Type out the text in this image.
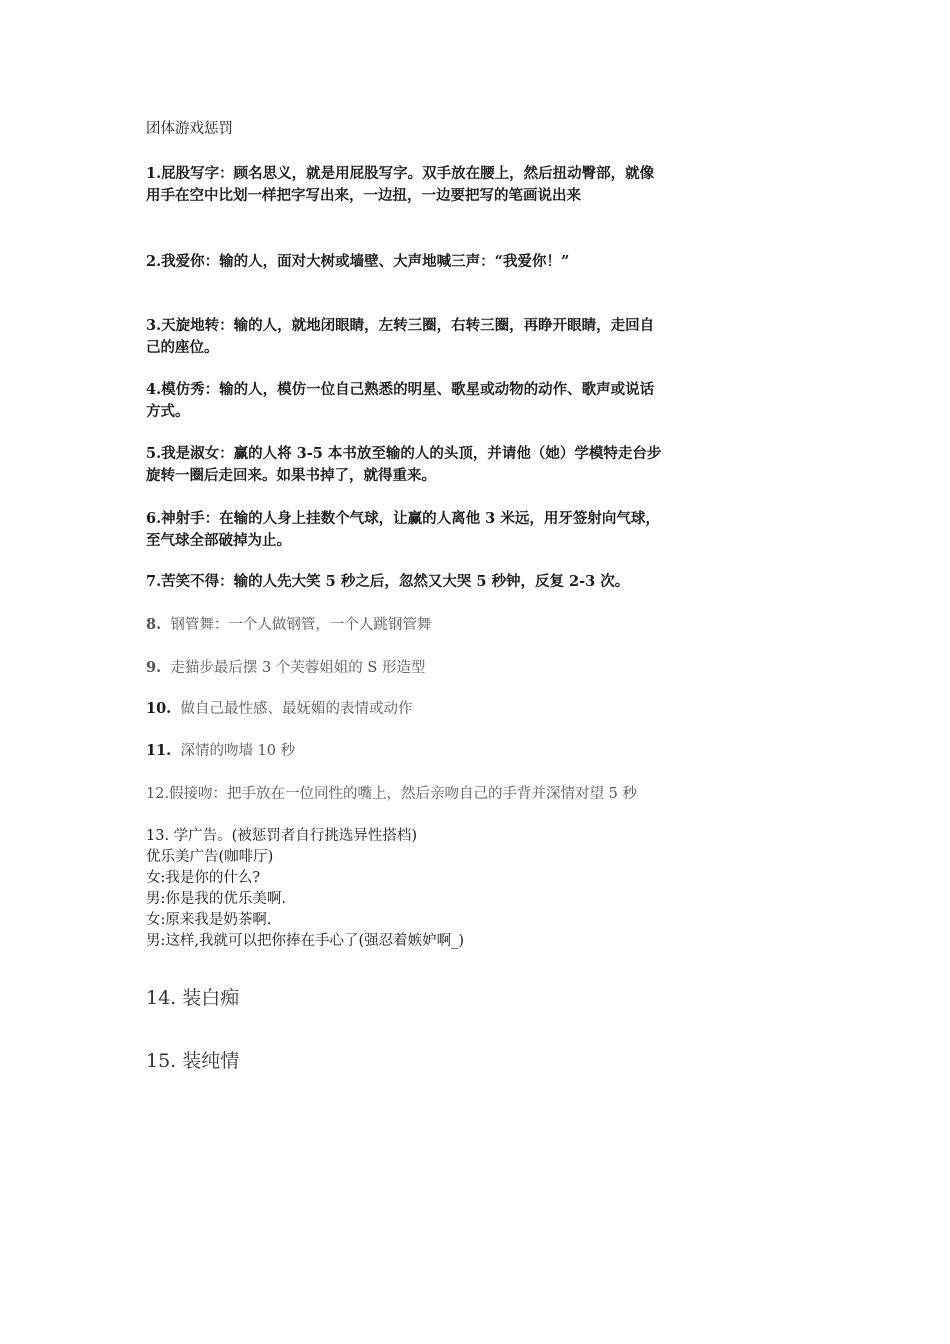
团体游戏惩罚
1.屁股写字：顾名思义，就是用屁股写字。双手放在腰上，然后扭动臀部，就像
用手在空中比划一样把字写出来，一边扭，一边要把写的笔画说出来
2.我爱你：输的人，面对大树或墙壁、大声地喊三声：“我爱你！”
3.天旋地转：输的人，就地闭眼睛，左转三圈，右转三圈，再睁开眼睛，走回自
己的座位。
4.模仿秀：输的人，模仿一位自己熟悉的明星、歌星或动物的动作、歌声或说话
方式。
5.我是淑女：赢的人将 3-5 本书放至输的人的头顶，并请他（她）学模特走台步
旋转一圈后走回来。如果书掉了，就得重来。
6.神射手：在输的人身上挂数个气球，让赢的人离他 3 米远，用牙签射向气球，
至气球全部破掉为止。
7.苦笑不得：输的人先大笑 5 秒之后，忽然又大哭 5 秒钟，反复 2-3 次。
8. 钢管舞：一个人做钢管，一个人跳钢管舞
9. 走猫步最后摆 3 个芙蓉姐姐的 S 形造型
10. 做自己最性感、最妩媚的表情或动作
11. 深情的吻墙 10 秒
12.假接吻：把手放在一位同性的嘴上，然后亲吻自己的手背并深情对望 5 秒
13. 学广告。(被惩罚者自行挑选异性搭档)
优乐美广告(咖啡厅)
女:我是你的什么?
男:你是我的优乐美啊.
女:原来我是奶茶啊.
男:这样,我就可以把你捧在手心了(强忍着嫉妒啊_)
14. 装白痴
15. 装纯情
